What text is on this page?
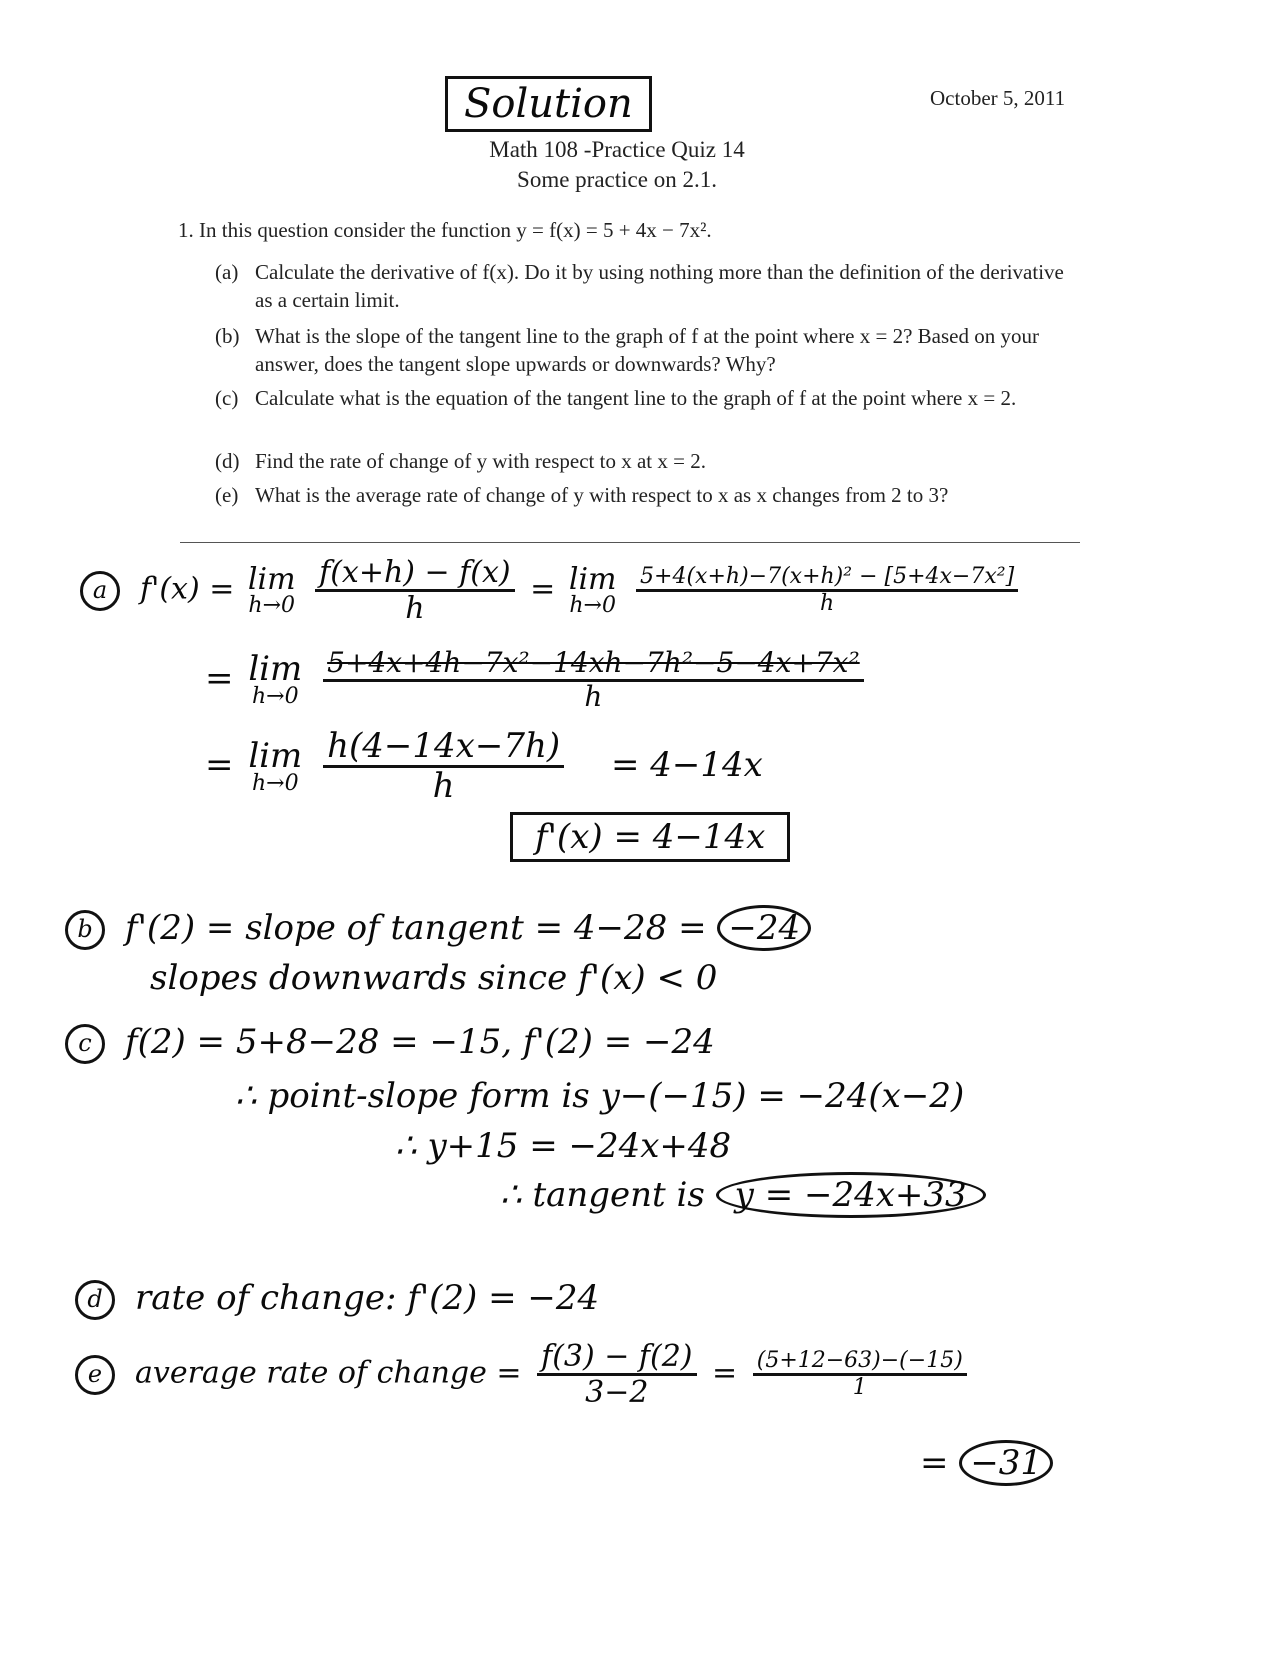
Solution	October 5, 2011
Math 108 -Practice Quiz 14
Some practice on 2.1.
1. In this question consider the function y = f(x) = 5 + 4x − 7x².
(a) Calculate the derivative of f(x). Do it by using nothing more than the definition of the derivative as a certain limit.
(b) What is the slope of the tangent line to the graph of f at the point where x = 2? Based on your answer, does the tangent slope upwards or downwards? Why?
(c) Calculate what is the equation of the tangent line to the graph of f at the point where x = 2.
(d) Find the rate of change of y with respect to x at x = 2.
(e) What is the average rate of change of y with respect to x as x changes from 2 to 3?
a f'(x) = lim
h→0
$\frac{f(x+h) - f(x)}{h} = \lim$
h→0
$\frac{\text{5+4(x+h)−7(x+h)² − [5+4x−7x²]}}{h}$
= lim
h→0
$\frac{\text{5+4x+4h−7x²−14xh−7h²−5−4x+7x²}}{h}$
= lim
h→0
$\frac{h(4-14x-7h)}{h} = 4-14x$
f'(x) = 4−14x
b f'(2) = slope of tangent = 4−28 = −24
slopes downwards since f'(x) < 0
c f(2) = 5+8−28 = −15, f'(2) = −24
∴ point-slope form is y−(−15) = −24(x−2)
∴ y+15 = −24x+48
∴ tangent is y = −24x+33
d rate of change: f'(2) = −24
e average rate of change = $\frac{f(3) - f(2)}{3-2} = \frac{(5+12-63)-(-15)}{1}$
= −31
